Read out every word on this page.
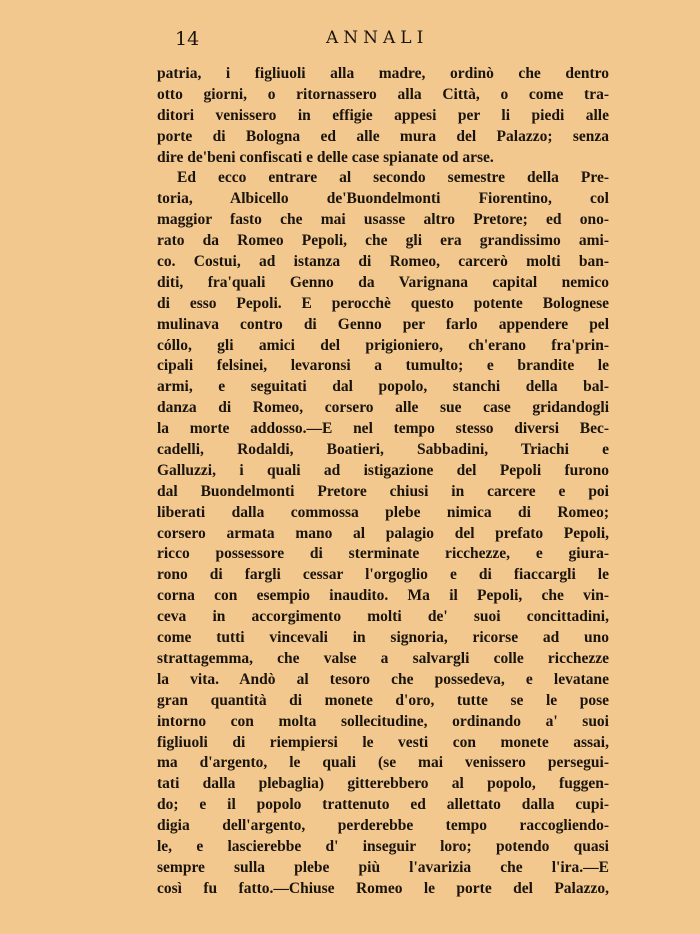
14	ANNALI
patria, i figliuoli alla madre, ordinò che dentro
otto giorni, o ritornassero alla Città, o come tra-
ditori venissero in effigie appesi per li piedi alle
porte di Bologna ed alle mura del Palazzo; senza
dire de'beni confiscati e delle case spianate od arse.
Ed ecco entrare al secondo semestre della Pre-
toria, Albicello de'Buondelmonti Fiorentino, col
maggior fasto che mai usasse altro Pretore; ed ono-
rato da Romeo Pepoli, che gli era grandissimo ami-
co. Costui, ad istanza di Romeo, carcerò molti ban-
diti, fra'quali Genno da Varignana capital nemico
di esso Pepoli. E perocchè questo potente Bolognese
mulinava contro di Genno per farlo appendere pel
cóllo, gli amici del prigioniero, ch'erano fra'prin-
cipali felsinei, levaronsi a tumulto; e brandite le
armi, e seguitati dal popolo, stanchi della bal-
danza di Romeo, corsero alle sue case gridandogli
la morte addosso.—E nel tempo stesso diversi Bec-
cadelli, Rodaldi, Boatieri, Sabbadini, Triachi e
Galluzzi, i quali ad istigazione del Pepoli furono
dal Buondelmonti Pretore chiusi in carcere e poi
liberati dalla commossa plebe nimica di Romeo;
corsero armata mano al palagio del prefato Pepoli,
ricco possessore di sterminate ricchezze, e giura-
rono di fargli cessar l'orgoglio e di fiaccargli le
corna con esempio inaudito. Ma il Pepoli, che vin-
ceva in accorgimento molti de' suoi concittadini,
come tutti vincevali in signoria, ricorse ad uno
strattagemma, che valse a salvargli colle ricchezze
la vita. Andò al tesoro che possedeva, e levatane
gran quantità di monete d'oro, tutte se le pose
intorno con molta sollecitudine, ordinando a' suoi
figliuoli di riempiersi le vesti con monete assai,
ma d'argento, le quali (se mai venissero persegui-
tati dalla plebaglia) gitterebbero al popolo, fuggen-
do; e il popolo trattenuto ed allettato dalla cupi-
digia dell'argento, perderebbe tempo raccogliendo-
le, e lascierebbe d' inseguir loro; potendo quasi
sempre sulla plebe più l'avarizia che l'ira.—E
così fu fatto.—Chiuse Romeo le porte del Palazzo,
